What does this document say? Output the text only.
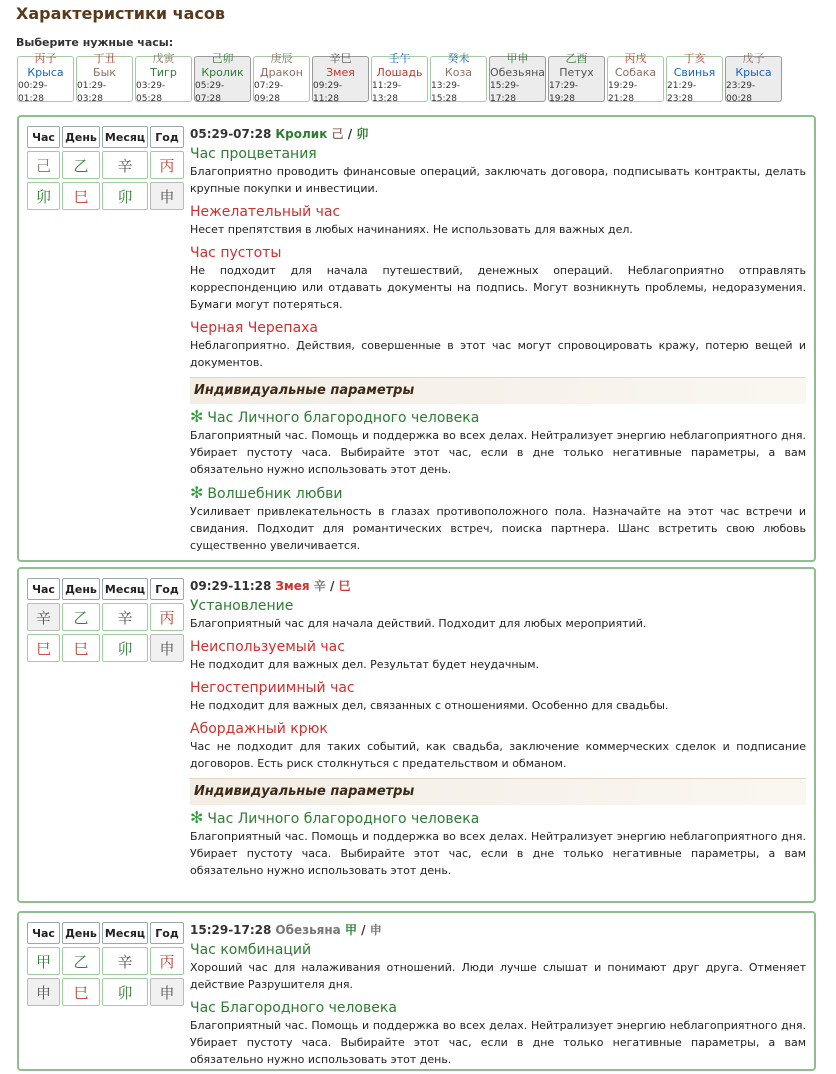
Характеристики часов
Выберите нужные часы:
丙子
Крыса
00:29-01:28
丁丑
Бык
01:29-03:28
戊寅
Тигр
03:29-05:28
己卯
Кролик
05:29-07:28
庚辰
Дракон
07:29-09:28
辛巳
Змея
09:29-11:28
壬午
Лошадь
11:29-13:28
癸未
Коза
13:29-15:28
甲申
Обезьяна
15:29-17:28
乙酉
Петух
17:29-19:28
丙戌
Собака
19:29-21:28
丁亥
Свинья
21:29-23:28
戊子
Крыса
23:29-00:28
Час День Месяц Год
己	乙	辛	丙
卯	巳	卯	申
05:29-07:28 Кролик 己 / 卯
Час процветания
Благоприятно проводить финансовые операций, заключать договора, подписывать контракты, делать крупные покупки и инвестиции.
Нежелательный час
Несет препятствия в любых начинаниях. Не использовать для важных дел.
Час пустоты
Не подходит для начала путешествий, денежных операций. Неблагоприятно отправлять корреспонденцию или отдавать документы на подпись. Могут возникнуть проблемы, недоразумения. Бумаги могут потеряться.
Черная Черепаха
Неблагоприятно. Действия, совершенные в этот час могут спровоцировать кражу, потерю вещей и документов.
Индивидуальные параметры
✻ Час Личного благородного человека
Благоприятный час. Помощь и поддержка во всех делах. Нейтрализует энергию неблагоприятного дня. Убирает пустоту часа. Выбирайте этот час, если в дне только негативные параметры, а вам обязательно нужно использовать этот день.
✻ Волшебник любви
Усиливает привлекательность в глазах противоположного пола. Назначайте на этот час встречи и свидания. Подходит для романтических встреч, поиска партнера. Шанс встретить свою любовь существенно увеличивается.
Час День Месяц Год
辛	乙	辛	丙
巳	巳	卯	申
09:29-11:28 Змея 辛 / 巳
Установление
Благоприятный час для начала действий. Подходит для любых мероприятий.
Неиспользуемый час
Не подходит для важных дел. Результат будет неудачным.
Негостеприимный час
Не подходит для важных дел, связанных с отношениями. Особенно для свадьбы.
Абордажный крюк
Час не подходит для таких событий, как свадьба, заключение коммерческих сделок и подписание договоров. Есть риск столкнуться с предательством и обманом.
Индивидуальные параметры
✻ Час Личного благородного человека
Благоприятный час. Помощь и поддержка во всех делах. Нейтрализует энергию неблагоприятного дня. Убирает пустоту часа. Выбирайте этот час, если в дне только негативные параметры, а вам обязательно нужно использовать этот день.
Час День Месяц Год
甲	乙	辛	丙
申	巳	卯	申
15:29-17:28 Обезьяна 甲 / 申
Час комбинаций
Хороший час для налаживания отношений. Люди лучше слышат и понимают друг друга. Отменяет действие Разрушителя дня.
Час Благородного человека
Благоприятный час. Помощь и поддержка во всех делах. Нейтрализует энергию неблагоприятного дня. Убирает пустоту часа. Выбирайте этот час, если в дне только негативные параметры, а вам обязательно нужно использовать этот день.
